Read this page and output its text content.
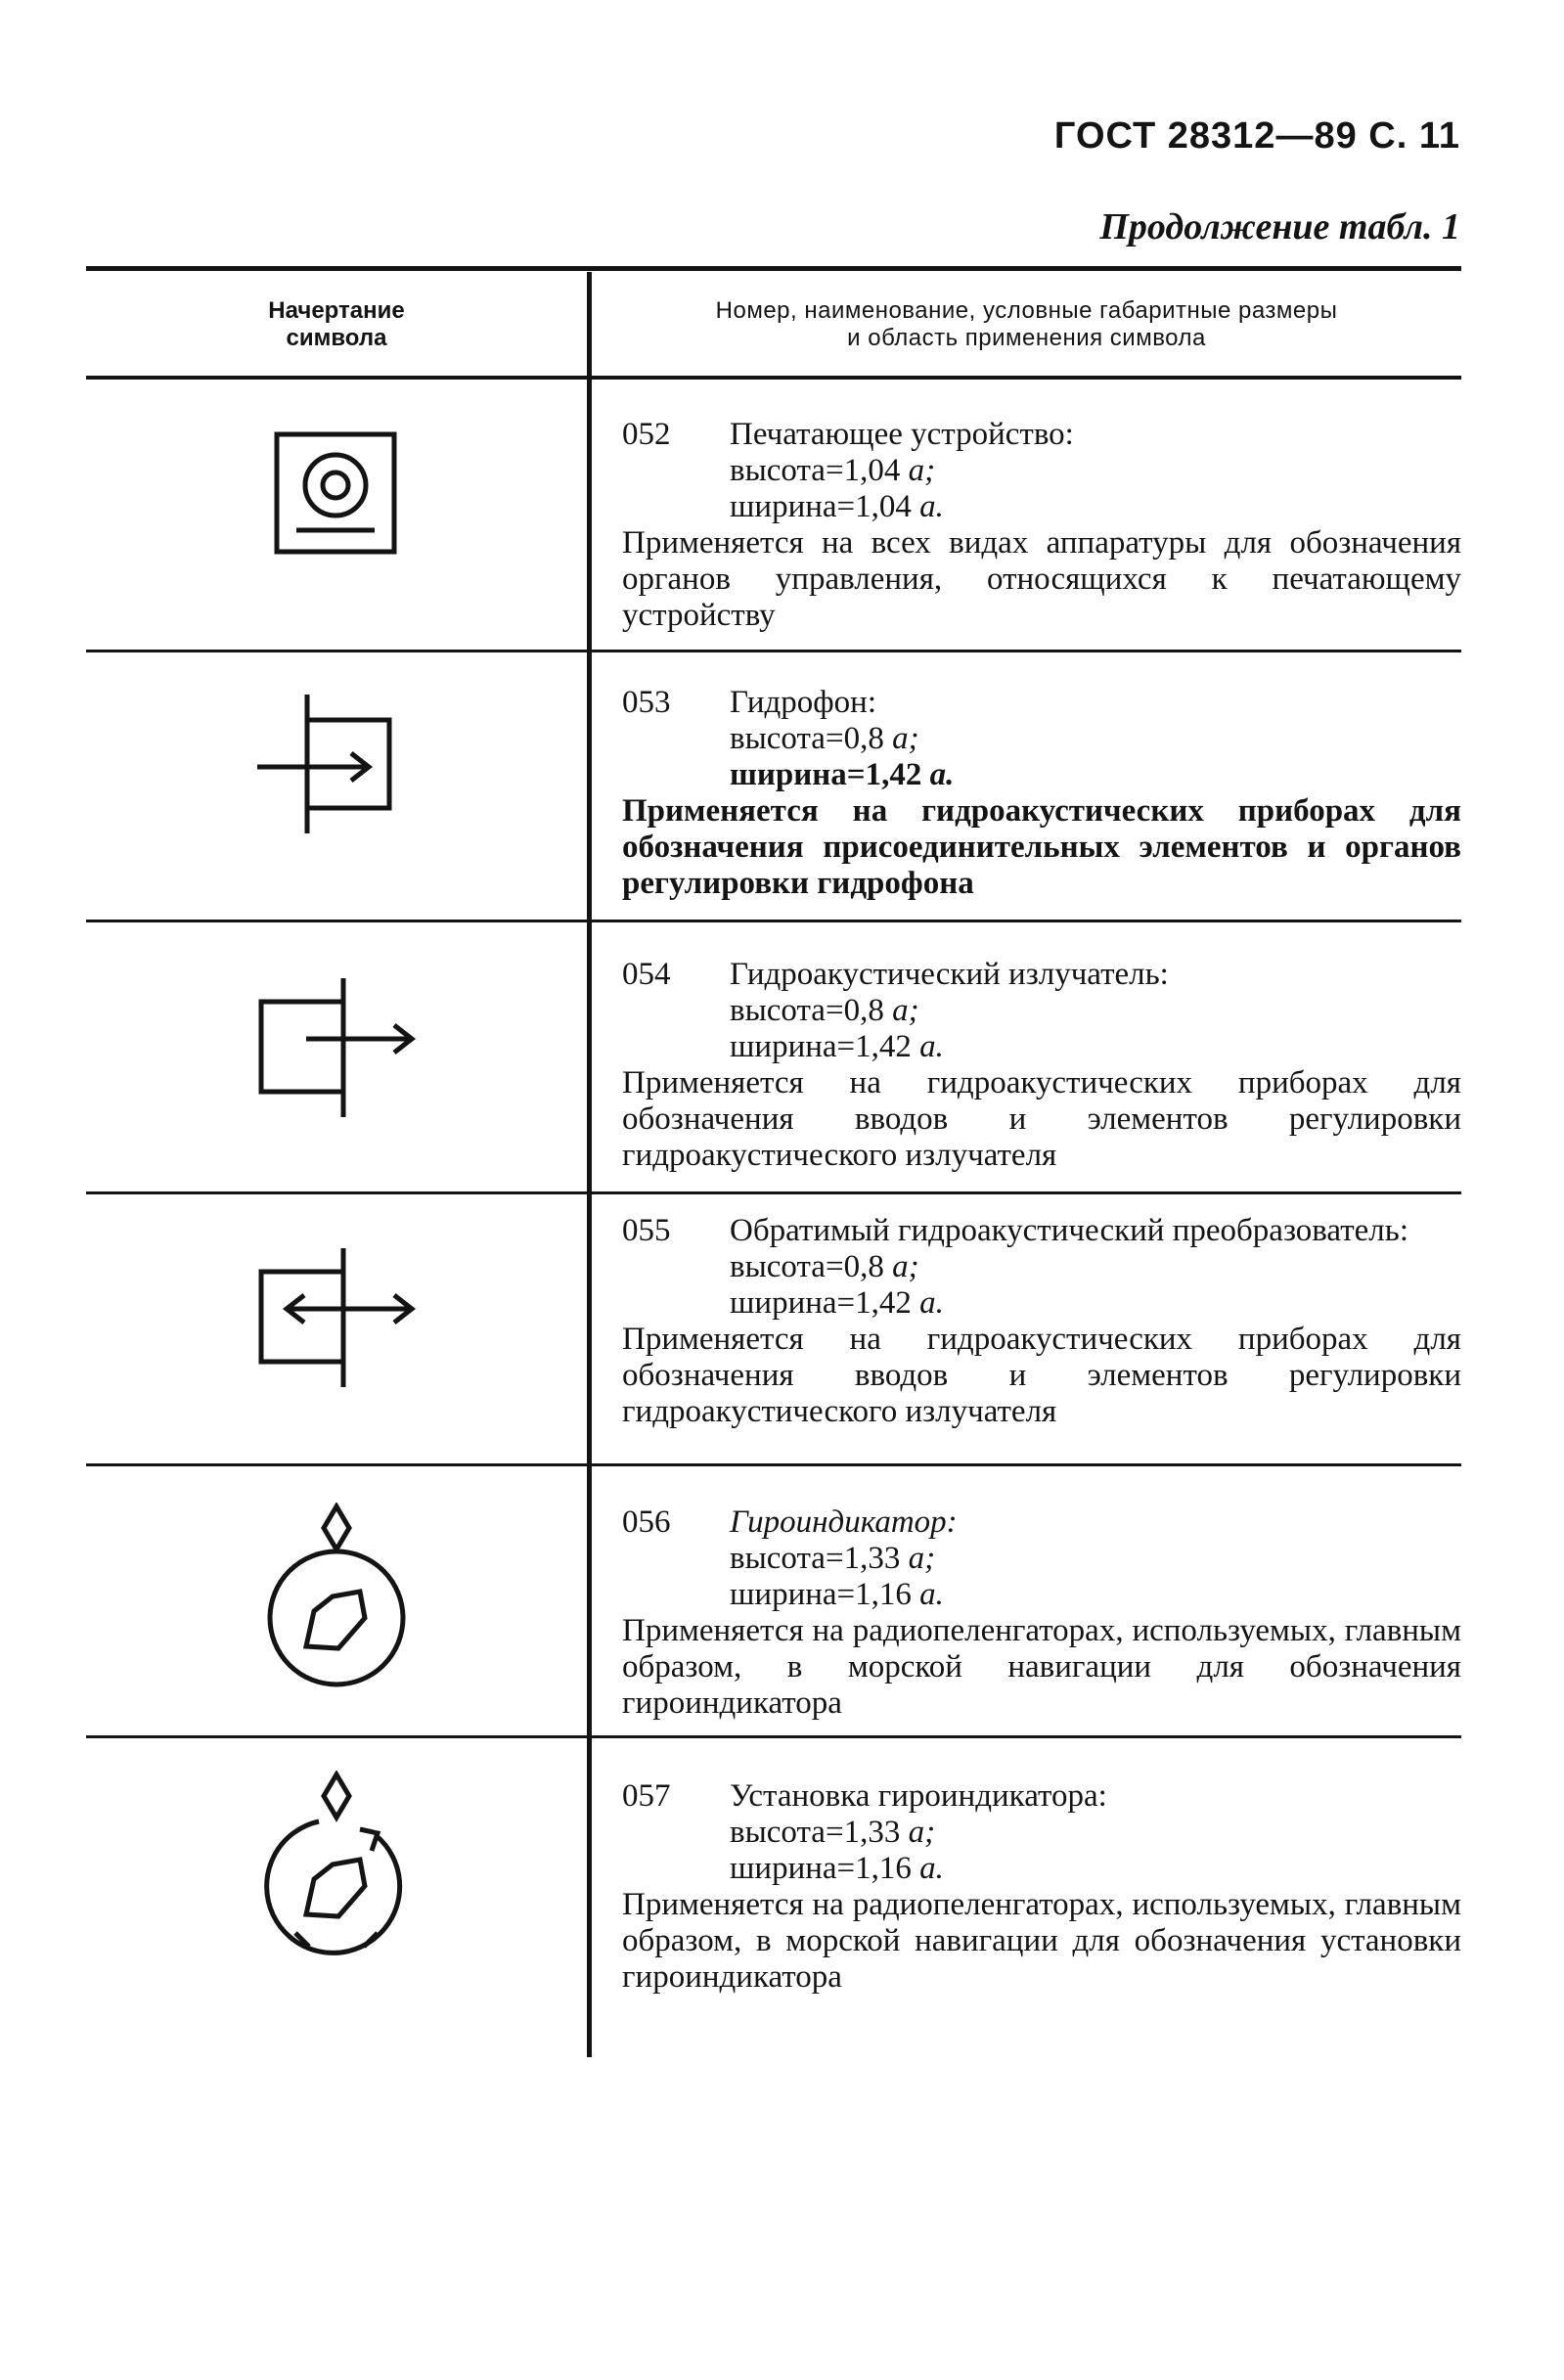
ГОСТ 28312—89 С. 11
Продолжение табл. 1
Начертание
символа
Номер, наименование, условные габаритные размеры
и область применения символа
052	Печатающее устройство:
высота=1,04 a;
ширина=1,04 a.
Применяется на всех видах аппаратуры для обозначения органов управления, относящихся к печатающему устройству
053	Гидрофон:
высота=0,8 a;
ширина=1,42 a.
Применяется на гидроакустических приборах для обозначения присоединительных элементов и органов регулировки гидрофона
054	Гидроакустический излучатель:
высота=0,8 a;
ширина=1,42 a.
Применяется на гидроакустических приборах для обозначения вводов и элементов регулировки гидроакустического излучателя
055	Обратимый гидроакустический преобразователь:
высота=0,8 a;
ширина=1,42 a.
Применяется на гидроакустических приборах для обозначения вводов и элементов регулировки гидроакустического излучателя
056	Гироиндикатор:
высота=1,33 a;
ширина=1,16 a.
Применяется на радиопеленгаторах, используемых, главным образом, в морской навигации для обозначения гироиндикатора
057	Установка гироиндикатора:
высота=1,33 a;
ширина=1,16 a.
Применяется на радиопеленгаторах, используемых, главным образом, в морской навигации для обозначения установки гироиндикатора
